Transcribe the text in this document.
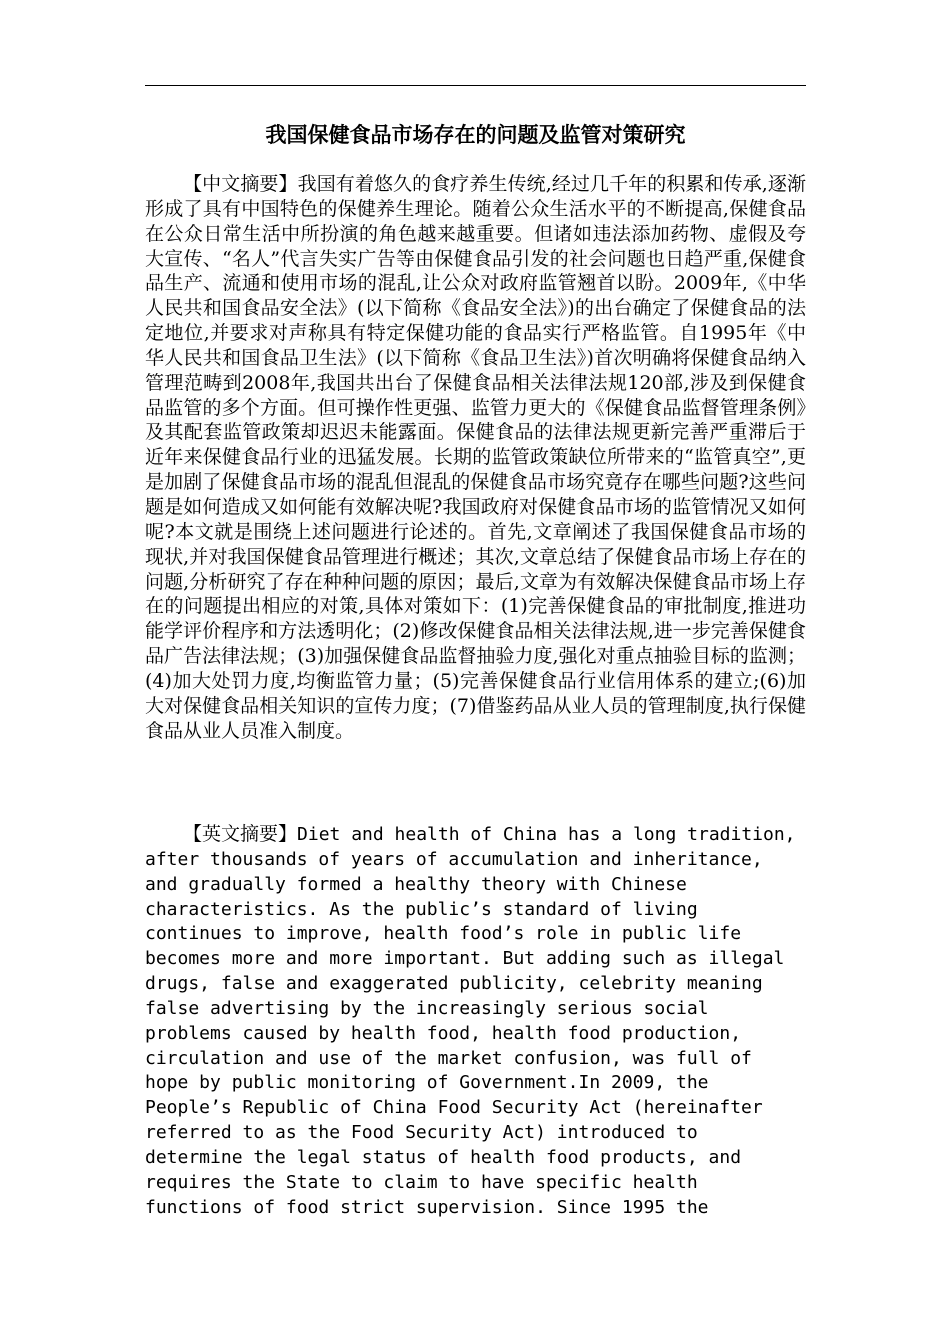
我国保健食品市场存在的问题及监管对策研究

【中文摘要】我国有着悠久的食疗养生传统,经过几千年的积累和传承,逐渐形成了具有中国特色的保健养生理论。随着公众生活水平的不断提高,保健食品在公众日常生活中所扮演的角色越来越重要。但诸如违法添加药物、虚假及夸大宣传、“名人”代言失实广告等由保健食品引发的社会问题也日趋严重,保健食品生产、流通和使用市场的混乱,让公众对政府监管翘首以盼。2009年,《中华人民共和国食品安全法》(以下简称《食品安全法》)的出台确定了保健食品的法定地位,并要求对声称具有特定保健功能的食品实行严格监管。自1995年《中华人民共和国食品卫生法》(以下简称《食品卫生法》)首次明确将保健食品纳入管理范畴到2008年,我国共出台了保健食品相关法律法规120部,涉及到保健食品监管的多个方面。但可操作性更强、监管力更大的《保健食品监督管理条例》及其配套监管政策却迟迟未能露面。保健食品的法律法规更新完善严重滞后于近年来保健食品行业的迅猛发展。长期的监管政策缺位所带来的“监管真空”,更是加剧了保健食品市场的混乱但混乱的保健食品市场究竟存在哪些问题?这些问题是如何造成又如何能有效解决呢?我国政府对保健食品市场的监管情况又如何呢?本文就是围绕上述问题进行论述的。首先,文章阐述了我国保健食品市场的现状,并对我国保健食品管理进行概述；其次,文章总结了保健食品市场上存在的问题,分析研究了存在种种问题的原因；最后,文章为有效解决保健食品市场上存在的问题提出相应的对策,具体对策如下：(1)完善保健食品的审批制度,推进功能学评价程序和方法透明化；(2)修改保健食品相关法律法规,进一步完善保健食品广告法律法规；(3)加强保健食品监督抽验力度,强化对重点抽验目标的监测；(4)加大处罚力度,均衡监管力量；(5)完善保健食品行业信用体系的建立;(6)加大对保健食品相关知识的宣传力度；(7)借鉴药品从业人员的管理制度,执行保健食品从业人员准入制度。

【英文摘要】Diet and health of China has a long tradition, after thousands of years of accumulation and inheritance, and gradually formed a healthy theory with Chinese characteristics. As the public’s standard of living continues to improve, health food’s role in public life becomes more and more important. But adding such as illegal drugs, false and exaggerated publicity, celebrity meaning false advertising by the increasingly serious social problems caused by health food, health food production, circulation and use of the market confusion, was full of hope by public monitoring of Government.In 2009, the People’s Republic of China Food Security Act (hereinafter referred to as the Food Security Act) introduced to determine the legal status of health food products, and requires the State to claim to have specific health functions of food strict supervision. Since 1995 the
